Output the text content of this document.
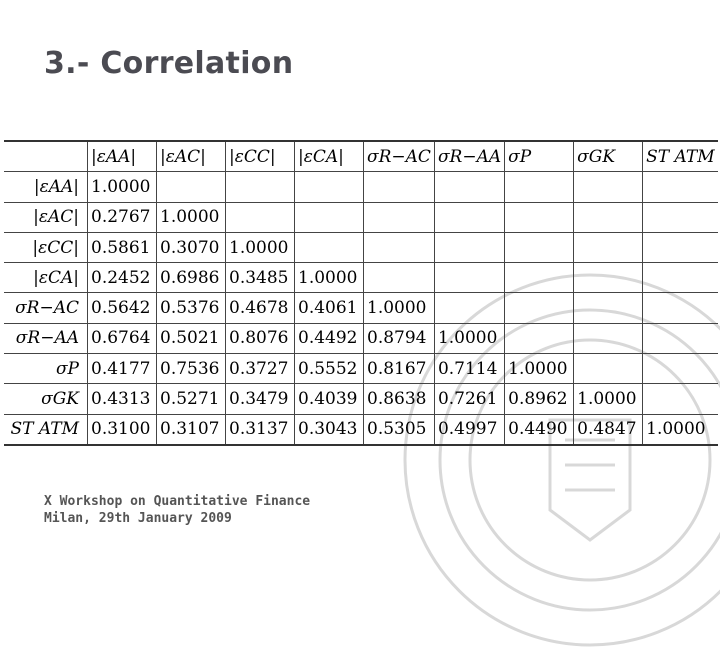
3.- Correlation
	|εAA|	|εAC|	|εCC|	|εCA|	σR−AC	σR−AA	σP	σGK	ST ATM
|εAA|	1.0000								
|εAC|	0.2767	1.0000							
|εCC|	0.5861	0.3070	1.0000						
|εCA|	0.2452	0.6986	0.3485	1.0000					
σR−AC	0.5642	0.5376	0.4678	0.4061	1.0000				
σR−AA	0.6764	0.5021	0.8076	0.4492	0.8794	1.0000			
σP	0.4177	0.7536	0.3727	0.5552	0.8167	0.7114	1.0000		
σGK	0.4313	0.5271	0.3479	0.4039	0.8638	0.7261	0.8962	1.0000	
ST ATM	0.3100	0.3107	0.3137	0.3043	0.5305	0.4997	0.4490	0.4847	1.0000
X Workshop on Quantitative Finance
Milan, 29th January 2009
